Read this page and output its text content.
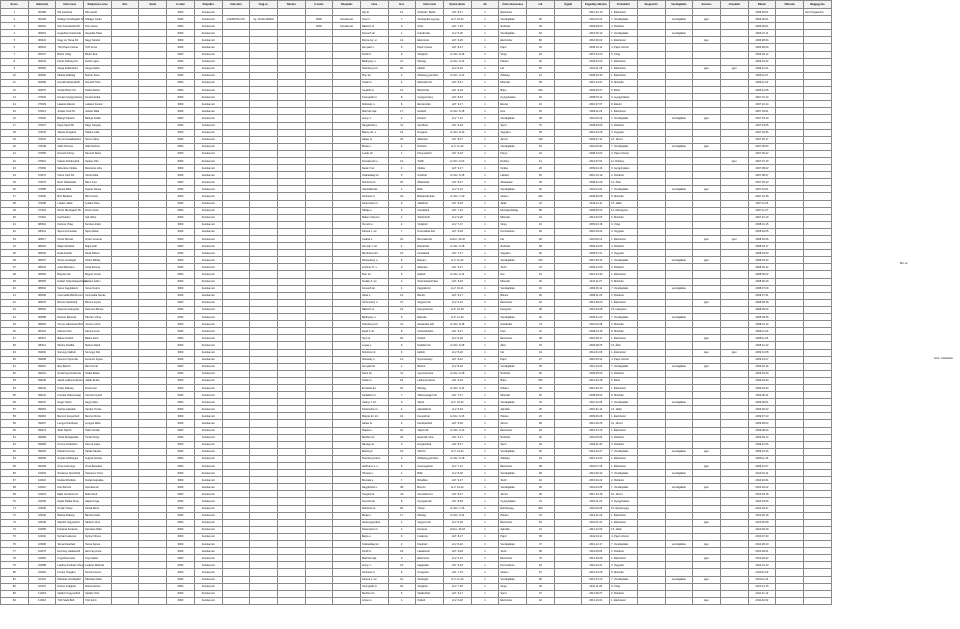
Sorsz.	Határozat	Üzlet neve	Tulajdonos neve	Szh.	Szám	Ir.szám	Település	Adószám	Cégj.sz.	Telefon	Ir.szám	Település	Utca	Hsz.	Üzlet címe	Nyitva tartás	db	Üzlet elnevezése	m2	Ügyfél	Engedély dátuma	Termékkör	Kiegészítő	Vendéglátás	Szeszes	Jövedéki	Dátum	Változás	Megjegyzés
1	05/186	Pál Lászlóné	Pál László			6000	Kecskemét						Ady E.	12.	Üzletház, Belső	H-P: 8-17	1	Élelmiszer			2012.02.10	1. Élelmiszer					2006.06.01		Jenő Kiegészítő
2	05/190	Szilágyi Vendéglátó Kft.	Szilágyi István			6000	Kecskemét	12345678-2-03	Cg. 03-09-100001		6000	Kecskemét	Szent I.	7.	Vendéglátó egység	H-V: 10-22	1	Vendéglátás	48		2011.03.15	7. Vendéglátás		vendéglátás	igen		2006.06.01		
3	06/001	Kiss Kereskedés Bt.	Kiss János			6000	Kecskemét				6000	Kecskemét	Rákóczi út	3.	Üzlet	H-P: 7-18	1	Ruházat	36		2009.08.20	2. Ruházat					2006.06.01		
4	06/015	Hegedűs Cukrászda	Hegedűs Péter			6000	Kecskemét						Kossuth tér	1.	Cukrászda	H-V: 9-20	1	Vendéglátás	52		2010.05.10	7. Vendéglátás		vendéglátás			2006.07.11		
5	06/022	Nagy és Társa Kft.	Nagy Sándor			6000	Kecskemét						Dózsa Gy. út	14.	Élelmiszer	H-P: 6-20	1	Élelmiszer	80		2010.09.02	1. Élelmiszer			igen		2006.08.04		
6	06/031	Tóth Papír-írószer	Tóth Anna			6000	Kecskemét						Hunyadi J.	5.	Papír-írószer	H-P: 8-17	1	Papír	22		2008.10.14	4. Papír-írószer					2006.08.29		
7	06/037	Bodor Virág	Bodor Éva			6000	Kecskemét						Petőfi S.	9.	Virágbolt	H-Szo: 8-18	1	Virág	18		2007.04.20	9. Virág					2006.09.12		
8	06/044	Fehér Pékség Kft.	Fehér Lajos			6000	Kecskemét						Batthyány u.	21.	Pékség	H-Szo: 5-14	1	Pékáru	40		2009.02.03	1. Élelmiszer					2006.10.02		
9	06/052	Varga Italdiszkont	Varga Gábor			6000	Kecskemét						Széchenyi krt.	30.	Italbolt	H-V: 8-22	1	Ital	60		2011.01.18	1. Élelmiszer			igen	igen	2006.10.21		
10	06/060	Molnár Zöldség	Molnár Ilona			6000	Kecskemét						Piac tér	2.	Zöldség-gyümölcs	H-Szo: 6-13	1	Zöldség	12		2008.06.30	1. Élelmiszer					2006.11.07		
11	06/068	Horváth Műszaki Bt.	Horváth Tibor			6000	Kecskemét						Izsáki út	4.	Műszaki bolt	H-P: 8-17	1	Műszaki	95		2010.12.01	5. Műszaki					2006.11.22		
12	06/075	Szabó Bútor Kft.	Szabó Márta			6000	Kecskemét						Ceglédi út	12.	Bútorüzlet	H-P: 9-18	1	Bútor	240		2009.05.27	6. Bútor					2006.12.05		
13	07/003	Kovács Gyógynövény	Kovács Erika			6000	Kecskemét						Csongrádi út	8.	Gyógynövény	H-P: 8-16	1	Gyógyhatású	20		2008.03.12	3. Gyógyhatású					2007.01.10		
14	07/009	Lakatos Ékszer	Lakatos Ferenc			6000	Kecskemét						Kisfaludy u.	6.	Ékszerüzlet	H-P: 9-17	1	Ékszer	16		2010.07.07	8. Ékszer					2007.02.14		
15	07/014	Juhász Hús Kft.	Juhász Béla			6000	Kecskemét						Mártírok útja	17.	Húsbolt	H-Szo: 6-18	1	Hús	45		2009.11.23	1. Élelmiszer					2007.03.01		
16	07/020	Balogh Kávézó	Balogh Zoltán			6000	Kecskemét						Arany J.	2.	Kávézó	H-V: 7-21	1	Vendéglátás	38		2011.06.16	7. Vendéglátás		vendéglátás	igen		2007.03.19		
17	07/027	Papp Sport Bt.	Papp Gergely			6000	Kecskemét						Nagykőrösi u.	11.	Sportbolt	H-P: 9-18	1	Sport	70		2008.09.09	2. Ruházat					2007.04.05		
18	07/033	Takács Drogéria	Takács Judit			6000	Kecskemét						Bajcsy-Zs. u.	19.	Drogéria	H-Szo: 8-19	1	Vegyiáru	55		2010.02.25	3. Vegyiáru					2007.04.26		
19	07/041	Simon Autóalkatrész	Simon Ákos			6000	Kecskemét						Halasi út	25.	Alkatrész	H-P: 8-17	1	Jármű	110		2009.07.14	10. Jármű					2007.05.17		
20	07/048	Oláh Pizzéria	Oláh Norbert			6000	Kecskemét						Budai u.	4.	Pizzéria	H-V: 11-23	1	Vendéglátás	64		2011.09.30	7. Vendéglátás		vendéglátás	igen		2007.06.04		
21	07/055	Németh Könyv	Németh Klára			6000	Kecskemét						Lestár tér	1.	Könyvesbolt	H-P: 9-18	1	Könyv	44		2008.12.02	4. Papír-írószer					2007.06.22		
22	07/061	Farkas Dohánybolt	Farkas Ottó			6000	Kecskemét						Kecskeméti u.	13.	Trafik	H-Szo: 6-20	1	Dohány	14		2012.07.01	11. Dohány				igen	2007.07.10		
23	07/066	Mészáros Optika	Mészáros Lilla			6000	Kecskemét						Deák F. tér	3.	Optika	H-P: 9-17	1	Optika	28		2009.04.16	3. Gyógyhatású					2007.08.02		
24	07/072	Vörös Cipő Kft.	Vörös Attila			6000	Kecskemét						Szabadság tér	5.	Cipőbolt	H-Szo: 9-18	1	Lábbeli	50		2010.10.19	2. Ruházat					2007.08.27		
25	07/079	Rácz Állateledel	Rácz Imre			6000	Kecskemét						Kiskörösi út	20.	Állateledel	H-P: 8-17	1	Állateledel	35		2008.01.29	12. Állat					2007.09.13		
26	07/085	Fekete Büfé	Fekete Dénes			6000	Kecskemét						Vasútállomás	1.	Büfé	H-V: 5-21	1	Vendéglátás	26		2011.04.04	7. Vendéglátás		vendéglátás	igen		2007.10.01		
27	07/092	Bíró Barkács	Bíró Károly			6000	Kecskemét						Szolnoki út	33.	Barkácsáruház	H-Szo: 7-19	1	Vasáru	320		2009.09.08	5. Műszaki					2007.10.18		
28	07/098	Lukács Játék	Lukács Dóra			6000	Kecskemét						Kéttemplom k.	9.	Játékbolt	H-P: 9-18	1	Játék	42		2010.11.11	13. Játék					2007.11.06		
29	07/104	Pintér Mezőgazd. Bt.	Pintér Antal			6000	Kecskemét						Talfája u.	6.	Gazdabolt	H-P: 7-16	1	Mezőgazdaság	85		2008.05.22	14. Mezőgazd.					2007.11.27		
30	07/110	Gál Telefon	Gál Viktor			6000	Kecskemét						Malom központ	1.	Telefonbolt	H-V: 9-20	1	Műszaki	24		2012.03.03	5. Műszaki					2007.12.10		
31	08/004	Kertész Virág	Kertész Anikó			6000	Kecskemét						Temető u.	2.	Virágbolt	H-V: 7-17	1	Virág	19		2009.03.18	9. Virág					2008.01.15		
32	08/011	Sipos Kozmetika	Sipos Réka			6000	Kecskemét						Katona J. tér	7.	Kozmetikai bolt	H-P: 9-18	1	Kozmetikum	30		2010.06.24	3. Vegyiáru					2008.02.05		
33	08/017	Orosz Borház	Orosz Levente			6000	Kecskemét						Csabai u.	10.	Borszaküzlet	H-Szo: 10-20	1	Ital	48		2011.08.12	1. Élelmiszer			igen	igen	2008.02.26		
34	08/024	Major Ruházat	Major Edit			6000	Kecskemét						Hornyik J. krt.	4.	Ruhaüzlet	H-Szo: 9-18	1	Ruházat	58		2009.10.05	2. Ruházat					2008.03.17		
35	08/030	Deák Festék	Deák Róbert			6000	Kecskemét						Mindszenti krt.	15.	Festékbolt	H-P: 7-17	1	Vegyiáru	66		2008.07.21	3. Vegyiáru					2008.04.03		
36	08/037	Szűcs Vendéglő	Szűcs Mihály			6000	Kecskemét						Wesselényi u.	8.	Étterem	H-V: 11-22	1	Vendéglátás	120		2012.05.14	7. Vendéglátás		vendéglátás	igen		2008.04.24		
37	08/043	Antal Méteráru	Antal Zsuzsa			6000	Kecskemét						Lechner Ö. u.	3.	Méteráru	H-P: 9-17	1	Textil	34		2009.12.09	2. Ruházat					2008.05.12		
38	08/050	Bognár Hal	Bognár István			6000	Kecskemét						Piac tér	6.	Halbolt	H-Szo: 6-14	1	Hal	15		2010.03.30	1. Élelmiszer					2008.06.02		
39	08/056	Halász Számítástechnika	Halász Ádám			6000	Kecskemét						Kodály Z. tér	2.	Számítástechnika	H-P: 9-18	1	Műszaki	46		2011.11.07	5. Műszaki					2008.06.20		
40	08/062	Veres Fagylaltozó	Veres Noémi			6000	Kecskemét						Kossuth tér	4.	Fagylaltozó	H-V: 10-21	1	Vendéglátás	32		2009.06.11	7. Vendéglátás		vendéglátás			2008.07.09		
41	08/069	Csizmadia Bőrdíszmű	Csizmadia Tamás			6000	Kecskemét						Jókai u.	12.	Bőráru	H-P: 9-17	1	Bőráru	26		2008.11.26	2. Ruházat					2008.07.31		
42	08/075	Borsos Sarokbolt	Borsos Gyula			6000	Kecskemét						Vörösmarty u.	27.	Vegyes bolt	H-V: 6-21	1	Élelmiszer	62		2012.08.20	1. Élelmiszer			igen		2008.08.18		
43	08/081	Kelemen Hangszer	Kelemen Bence			6000	Kecskemét						Rákóczi út	19.	Hangszerbolt	H-P: 10-18	1	Hangszer	38		2010.04.08	15. Hangszer					2008.09.04		
44	08/088	Pásztor Étkezde	Pásztor Vilma			6000	Kecskemét						Batthyány u.	6.	Étkezde	H-P: 11-15	1	Vendéglátás	40		2009.01.22	7. Vendéglátás		vendéglátás			2008.09.25		
45	08/094	Vincze Háztartási Bolt	Vincze Lőrinc			6000	Kecskemét						Széchenyi krt.	41.	Háztartási bolt	H-Szo: 8-18	1	Háztartási	74		2011.02.28	5. Műszaki					2008.10.14		
46	08/101	Katona Fotó	Katona Lívia			6000	Kecskemét						Deák F. tér	8.	Fotószaküzlet	H-P: 9-17	1	Fotó	22		2008.04.15	5. Műszaki					2008.11.03		
47	08/107	Bakos Kisbolt	Bakos Ernő			6000	Kecskemét						Nyíri út	52.	Kisbolt	H-V: 6-20	1	Élelmiszer	38		2010.08.17	1. Élelmiszer			igen		2008.11.24		
48	08/113	Medve Kisállat	Medve Dávid			6000	Kecskemét						Lugas u.	5.	Kisállat bolt	H-Szo: 9-18	1	Állat	33		2009.08.26	12. Állat					2008.12.12		
49	09/002	Somogyi Italbolt	Somogyi Pál			6000	Kecskemét						Kiskörösi út	9.	Italbolt	H-V: 8-22	1	Ital	44		2012.01.09	1. Élelmiszer			igen	igen	2009.01.08		
50	09/008	Ferenczi Nyomda	Ferenczi Ágota			6000	Kecskemét						Kisfaludy u.	14.	Nyomtatvány	H-P: 8-16	1	Papír	27		2010.05.31	4. Papír-írószer					2009.01.27		
51	09/015	Illés Bisztró	Illés Kornél			6000	Kecskemét						Hunyadi tér	1.	Bisztró	H-V: 8-22	1	Vendéglátás	56		2011.10.24	7. Vendéglátás		vendéglátás	igen		2009.02.16		
52	09/021	Szalai Gyermekruha	Szalai Beáta			6000	Kecskemét						Dobó krt.	11.	Gyermekruha	H-Szo: 9-18	1	Ruházat	36		2009.05.06	2. Ruházat					2009.03.09		
53	09/028	Jakab Lakberendezés	Jakab Endre			6000	Kecskemét						Izsáki út	18.	Lakberendezés	H-P: 9-18	1	Bútor	150		2012.04.18	6. Bútor					2009.03.30		
54	09/034	Fodor Pékség	Fodor Irén			6000	Kecskemét						Erzsébet krt.	22.	Pékség	H-Szo: 5-14	1	Pékáru	30		2010.09.13	1. Élelmiszer					2009.04.20		
55	09/041	Csonka Villamosság	Csonka Győző			6000	Kecskemét						Kadafalvi út	7.	Villamossági bolt	H-P: 7-17	1	Műszaki	52		2008.08.04	5. Műszaki					2009.05.11		
56	09/047	Hegyi Teázó	Hegyi Sára			6000	Kecskemét						Csányi J. krt.	3.	Teázó	H-V: 10-22	1	Vendéglátás	34		2011.12.05	7. Vendéglátás		vendéglátás			2009.06.01		
57	09/054	Kardos Ajándék	Kardos Tünde			6000	Kecskemét						Kéttemplom k.	4.	Ajándékbolt	H-V: 9-19	1	Ajándék	25		2010.01.14	13. Játék					2009.06.22		
58	09/060	Bencze Kenyérbolt	Bencze Róza			6000	Kecskemét						Mátyás kir. krt.	16.	Kenyérbolt	H-Szo: 6-16	1	Pékáru	20		2009.09.29	1. Élelmiszer					2009.07.13		
59	09/067	Lengyel Kerékpár	Lengyel Márk			6000	Kecskemét						Halasi út	6.	Kerékpárbolt	H-P: 9-18	1	Jármű	68		2012.06.25	10. Jármű					2009.08.03		
60	09/073	Tatár Tejbolt	Tatár Gizella			6000	Kecskemét						Klapka u.	10.	Tejtermék	H-Szo: 6-13	1	Élelmiszer	18		2010.07.26	1. Élelmiszer					2009.08.24		
61	09/080	Török Ruhajavítás	Török Ibolya			6000	Kecskemét						Bethlen krt.	29.	Használt ruha	H-P: 9-17	1	Ruházat	40		2011.05.09	2. Ruházat					2009.09.14		
62	09/086	Kozma Szaküzlet	Kozma Lajos			6000	Kecskemét						Rávágy tér	3.	Horgászbolt	H-P: 8-17	1	Sport	29		2009.11.30	2. Ruházat					2009.10.05		
63	09/093	Pataki Kocsma	Pataki Sándor			6000	Kecskemét						Belsőnyír	15.	Söröző	H-V: 14-23	1	Vendéglátás	46		2012.02.27	7. Vendéglátás		vendéglátás	igen		2009.10.26		
64	09/099	Gulyás Zöldséges	Gulyás Aranka			6000	Kecskemét						Széchenyiváros	2.	Zöldség-gyümölcs	H-Szo: 6-18	1	Zöldség	24		2010.10.04	1. Élelmiszer					2009.11.16		
65	09/106	Árvai Csemege	Árvai Benedek			6000	Kecskemét						Hoffmann J. u.	5.	Csemegebolt	H-V: 7-21	1	Élelmiszer	58		2011.07.18	1. Élelmiszer			igen		2009.12.07		
66	10/003	Szekeres Sportbüfé	Szekeres Vince			6000	Kecskemét						Olimpia u.	1.	Büfé	H-V: 8-20	1	Vendéglátás	28		2012.09.10	7. Vendéglátás		vendéglátás			2010.01.11		
67	10/010	Dudás Rövidáru	Dudás Hajnalka			6000	Kecskemét						Bocskai u.	7.	Rövidáru	H-P: 9-17	1	Textil	16		2010.02.22	2. Ruházat					2010.02.01		
68	10/016	Kiss Borozó	Kiss Elemér			6000	Kecskemét						Nagykőrösi u.	38.	Borozó	H-V: 12-22	1	Vendéglátás	36		2011.03.28	7. Vendéglátás		vendéglátás	igen		2010.02.22		
69	10/023	Máté Gumiszerviz	Máté Zsolt			6000	Kecskemét						Szegedi út	44.	Gumiabroncs	H-P: 8-17	1	Jármű	90		2012.10.15	10. Jármű					2010.03.15		
70	10/029	Hajdu Patika Shop	Hajdu Kinga			6000	Kecskemét						Kossuth tér	8.	Gyógyászati	H-P: 8-18	1	Gyógyhatású	31		2010.11.22	3. Gyógyhatású					2010.04.06		
71	10/036	Kozák Tüzép	Kozák Benő			6000	Kecskemét						Kiskőrösi út	60.	Tüzép	H-Szo: 7-16	1	Építőanyag	400		2011.06.06	16. Építőanyag					2010.04.27		
72	10/042	Bartha Pékség	Bartha Csilla			6000	Kecskemét						Budai u.	17.	Pékség	H-Szo: 5-14	1	Pékáru	34		2012.11.19	1. Élelmiszer					2010.05.18		
73	10/049	Sárközi Vegyesbolt	Sárközi Jenő			6000	Kecskemét						Hetényegyháza	1.	Vegyes bolt	H-V: 6-20	1	Élelmiszer	64		2011.01.31	1. Élelmiszer			igen		2010.06.08		
74	10/055	Fazekas Kerámia	Fazekas Ildikó			6000	Kecskemét						Kéttemplom k.	2.	Kerámia	H-Szo: 10-18	1	Ajándék	21		2012.12.03	13. Játék					2010.06.29		
75	10/062	Nyitrai Irodaszer	Nyitrai Vilmos			6000	Kecskemét						Bajza u.	9.	Irodaszer	H-P: 8-17	1	Papír	39		2011.04.11	4. Papír-írószer					2010.07.20		
76	10/068	Tarnai Kávéház	Tarnai Ágnes			6000	Kecskemét						Szabadság tér	2.	Kávéház	H-V: 8-22	1	Vendéglátás	72		2012.12.17	7. Vendéglátás		vendéglátás	igen		2010.08.10		
77	10/075	Herczeg Lakástextil	Herczeg Anna			6000	Kecskemét						Petőfi S.	24.	Lakástextil	H-P: 9-18	1	Textil	48		2011.09.05	2. Ruházat					2010.09.01		
78	10/081	Ungi Élelmiszer	Ungi Gábor			6000	Kecskemét						Mártírok útja	3.	Élelmiszer	H-V: 6-21	1	Élelmiszer	76		2012.05.28	1. Élelmiszer			igen		2010.09.22		
79	10/088	Ladányi Fodrász Shop	Ladányi Melinda			6000	Kecskemét						Arany J.	15.	Hajápolás	H-P: 9-18	1	Kozmetikum	18		2011.10.31	3. Vegyiáru					2010.10.13		
80	10/094	Kocsis Üvegáru	Kocsis Ferenc			6000	Kecskemét						Szolnoki út	8.	Üvegezés	H-P: 7-16	1	Vasáru	57		2012.03.26	5. Műszaki					2010.11.03		
81	10/101	Pálinkás Vendégház	Pálinkás Réka			6000	Kecskemét						Katona J. tér	10.	Vendéglő	H-V: 11-23	1	Vendéglátás	96		2012.07.23	7. Vendéglátás		vendéglátás	igen		2010.11.24		
82	10/107	Dobos Virágbolt	Dobos Eszter			6000	Kecskemét						Csongrádi út	30.	Virágbolt	H-V: 7-18	1	Virág	20		2011.11.28	9. Virág					2010.12.15		
83	11/004	Vadász Fegyverbolt	Vadász Ottó			6000	Kecskemét						Bethlen krt.	5.	Vadászbolt	H-P: 9-17	1	Sport	37		2012.08.27	2. Ruházat					2011.01.12		
84	11/010	Tóth Sarki Bolt	Tóth Ernő			6000	Kecskemét						Lőcsei u.	1.	Kisbolt	H-V: 6-22	1	Élelmiszer	42		2012.10.01	1. Élelmiszer			igen		2011.02.02		
Mó. kz
Hrsz. módosítás
